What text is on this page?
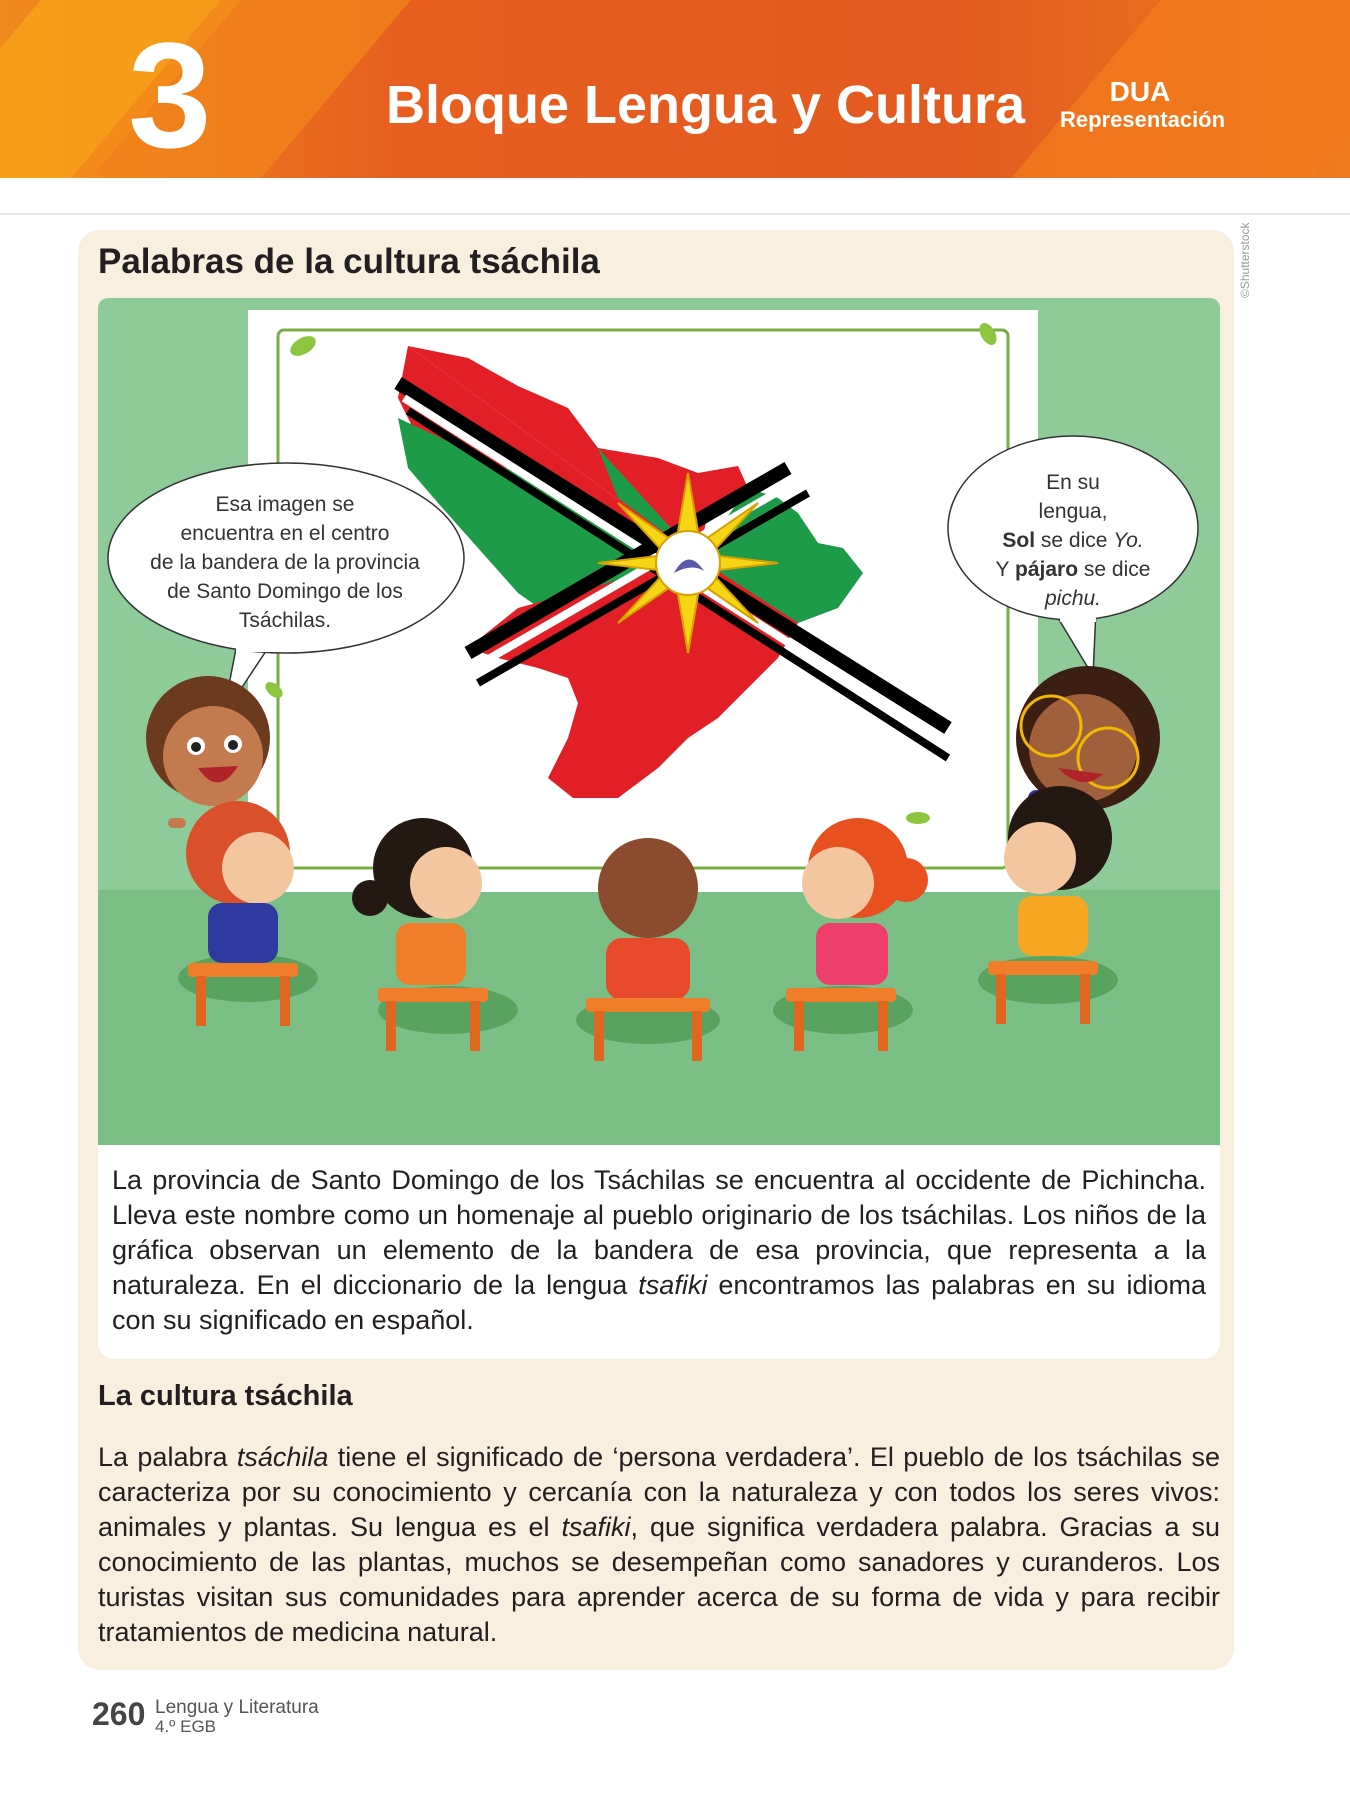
3	Bloque Lengua y Cultura	DUA
Representación
Palabras de la cultura tsáchila	©Shutterstock
Esa imagen se
encuentra en el centro
de la bandera de la provincia
de Santo Domingo de los
Tsáchilas.
En su
lengua,
Sol se dice Yo.
Y pájaro se dice
pichu.
La provincia de Santo Domingo de los Tsáchilas se encuentra al occidente de Pichincha. Lleva este nombre como un homenaje al pueblo originario de los tsáchilas. Los niños de la gráfica observan un elemento de la bandera de esa provincia, que representa a la naturaleza. En el diccionario de la lengua tsafiki encontramos las palabras en su idioma con su significado en español.
La cultura tsáchila
La palabra tsáchila tiene el significado de ‘persona verdadera’. El pueblo de los tsáchilas se caracteriza por su conocimiento y cercanía con la naturaleza y con todos los seres vivos: animales y plantas. Su lengua es el tsafiki, que significa verdadera palabra. Gracias a su conocimiento de las plantas, muchos se desempeñan como sanadores y curanderos. Los turistas visitan sus comunidades para aprender acerca de su forma de vida y para recibir tratamientos de medicina natural.
260 Lengua y Literatura
4.º EGB
